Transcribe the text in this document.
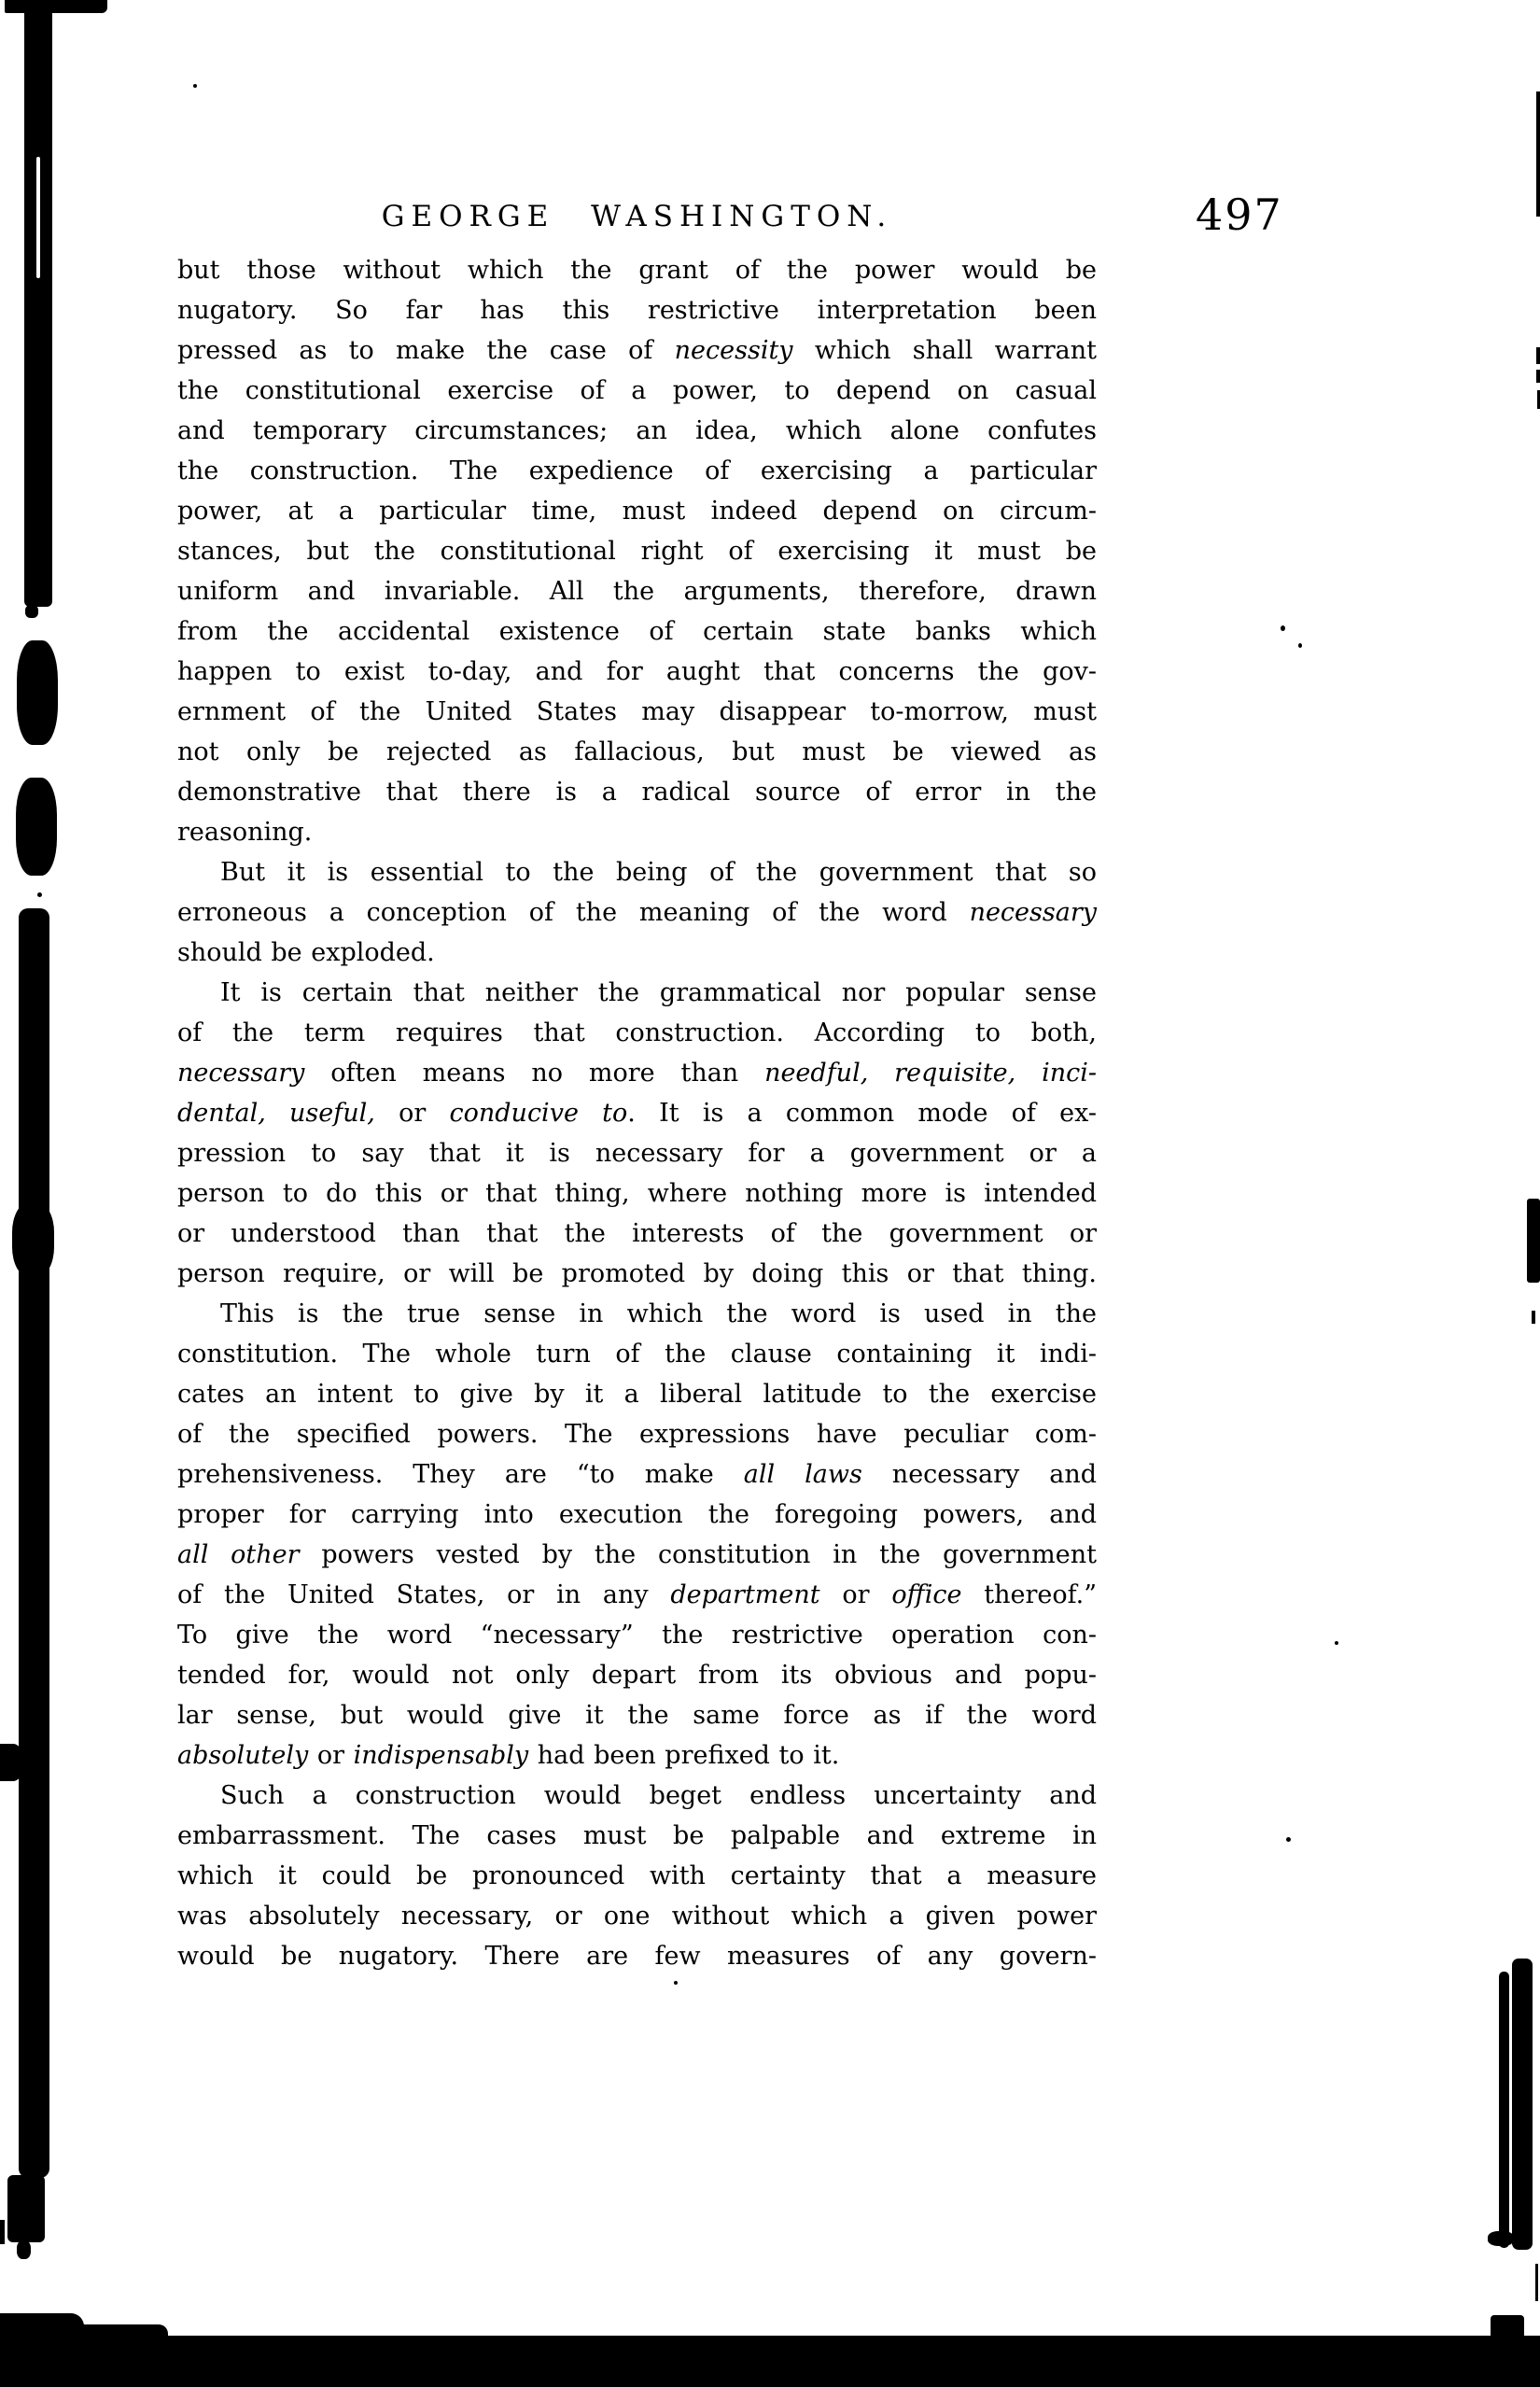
GEORGE WASHINGTON.	497
but those without which the grant of the power would be
nugatory. So far has this restrictive interpretation been
pressed as to make the case of necessity which shall warrant
the constitutional exercise of a power, to depend on casual
and temporary circumstances; an idea, which alone confutes
the construction. The expedience of exercising a particular
power, at a particular time, must indeed depend on circum-
stances, but the constitutional right of exercising it must be
uniform and invariable. All the arguments, therefore, drawn
from the accidental existence of certain state banks which
happen to exist to-day, and for aught that concerns the gov-
ernment of the United States may disappear to-morrow, must
not only be rejected as fallacious, but must be viewed as
demonstrative that there is a radical source of error in the
reasoning.
But it is essential to the being of the government that so
erroneous a conception of the meaning of the word necessary
should be exploded.
It is certain that neither the grammatical nor popular sense
of the term requires that construction. According to both,
necessary often means no more than needful, requisite, inci-
dental, useful, or conducive to. It is a common mode of ex-
pression to say that it is necessary for a government or a
person to do this or that thing, where nothing more is intended
or understood than that the interests of the government or
person require, or will be promoted by doing this or that thing.
This is the true sense in which the word is used in the
constitution. The whole turn of the clause containing it indi-
cates an intent to give by it a liberal latitude to the exercise
of the specified powers. The expressions have peculiar com-
prehensiveness. They are “to make all laws necessary and
proper for carrying into execution the foregoing powers, and
all other powers vested by the constitution in the government
of the United States, or in any department or office thereof.”
To give the word “necessary” the restrictive operation con-
tended for, would not only depart from its obvious and popu-
lar sense, but would give it the same force as if the word
absolutely or indispensably had been prefixed to it.
Such a construction would beget endless uncertainty and
embarrassment. The cases must be palpable and extreme in
which it could be pronounced with certainty that a measure
was absolutely necessary, or one without which a given power
would be nugatory. There are few measures of any govern-
